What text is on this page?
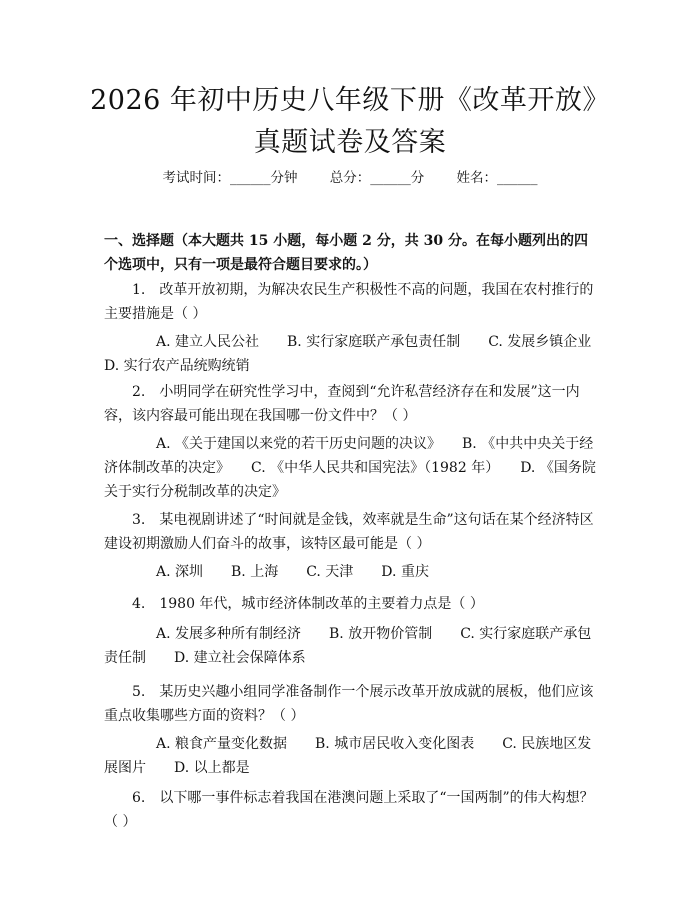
2026 年初中历史八年级下册《改革开放》真题试卷及答案
考试时间：______分钟 总分：______分 姓名：______
一、选择题（本大题共 15 小题，每小题 2 分，共 30 分。在每小题列出的四个选项中，只有一项是最符合题目要求的。）
1.　改革开放初期，为解决农民生产积极性不高的问题，我国在农村推行的主要措施是（ ）
A. 建立人民公社　　B. 实行家庭联产承包责任制　　C. 发展乡镇企业　　D. 实行农产品统购统销
2.　小明同学在研究性学习中，查阅到“允许私营经济存在和发展”这一内容，该内容最可能出现在我国哪一份文件中？（ ）
A. 《关于建国以来党的若干历史问题的决议》　　B. 《中共中央关于经济体制改革的决定》　　C. 《中华人民共和国宪法》（1982 年）　　D. 《国务院关于实行分税制改革的决定》
3.　某电视剧讲述了“时间就是金钱，效率就是生命”这句话在某个经济特区建设初期激励人们奋斗的故事，该特区最可能是（ ）
A. 深圳　　B. 上海　　C. 天津　　D. 重庆
4.　1980 年代，城市经济体制改革的主要着力点是（ ）
A. 发展多种所有制经济　　B. 放开物价管制　　C. 实行家庭联产承包责任制　　D. 建立社会保障体系
5.　某历史兴趣小组同学准备制作一个展示改革开放成就的展板，他们应该重点收集哪些方面的资料？（ ）
A. 粮食产量变化数据　　B. 城市居民收入变化图表　　C. 民族地区发展图片　　D. 以上都是
6.　以下哪一事件标志着我国在港澳问题上采取了“一国两制”的伟大构想？（ ）
